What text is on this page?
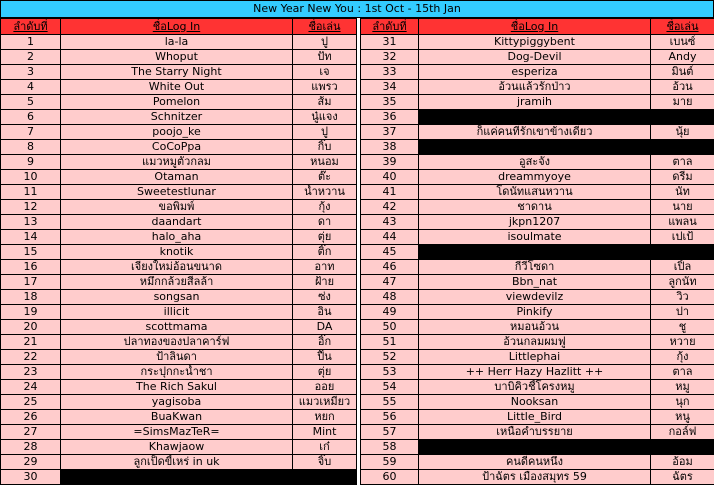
New Year New You : 1st Oct - 15th Jan
ลำดับที่	ชื่อLog In	ชื่อเล่น
1	la-la	ปู
2	Whoput	ปัท
3	The Starry Night	เจ
4	White Out	แพรว
5	Pomelon	ส้ม
6	Schnitzer	นู๋แจง
7	poojo_ke	ปู
8	CoCoPpa	กิ๊บ
9	แมวหมูตัวกลม	หนอม
10	Otaman	ต๊ะ
11	Sweetestlunar	น้ำหวาน
12	ขอพิมพ์	กุ้ง
13	daandart	ดา
14	halo_aha	ตุ่ย
15	knotik	ติ๊ก
16	เจียงใหม่อ้อนขนาด	อาท
17	หมึกกล้วยสีลล้า	ฝ้าย
18	songsan	ซ่ง
19	illicit	อิน
20	scottmama	DA
21	ปลาทองของปลาคาร์ฟ	อิ๊ก
22	ป้าลินดา	ปื๊น
23	กระปุกกะน้ำชา	ตุ่ย
24	The Rich Sakul	ออย
25	yagisoba	แมวเหมียว
26	BuaKwan	หยก
27	=SimsMazTeR=	Mint
28	Khawjaow	เก๋
29	ลูกเป็ดขี้เหร่ in uk	จิ๊บ
30		
ลำดับที่	ชื่อLog In	ชื่อเล่น
31	Kittypiggybent	เบนซ์
32	Dog-Devil	Andy
33	esperiza	มินต์
34	อ้วนแล้วรักป่าว	อ้วน
35	jramih	มาย
36		
37	ก็แค่คนที่รักเขาข้างเดียว	นุ้ย
38		
39	อูสะจัง	ตาล
40	dreammyoye	ดรีม
41	โดนัทแสนหวาน	นัท
42	ชาดาน	นาย
43	jkpn1207	แพลน
44	isoulmate	เปเป้
45		
46	กีวีโซดา	เปิ้ล
47	Bbn_nat	ลูกนัท
48	viewdevilz	วิว
49	Pinkify	ปา
50	หมอนอ้วน	ชู
51	อ้วนกลมผมฟู	หวาย
52	Littlephai	กุ้ง
53	++ Herr Hazy Hazlitt ++	ตาล
54	บาบิคิวชี้โครงหมู	หมู
55	Nooksan	นุก
56	Little_Bird	หนู
57	เหนือคำบรรยาย	กอล์ฟ
58		
59	คนดีคนหนึ่ง	อ้อม
60	ป้าฉัตร เมืองสมุทร 59	ฉัตร
